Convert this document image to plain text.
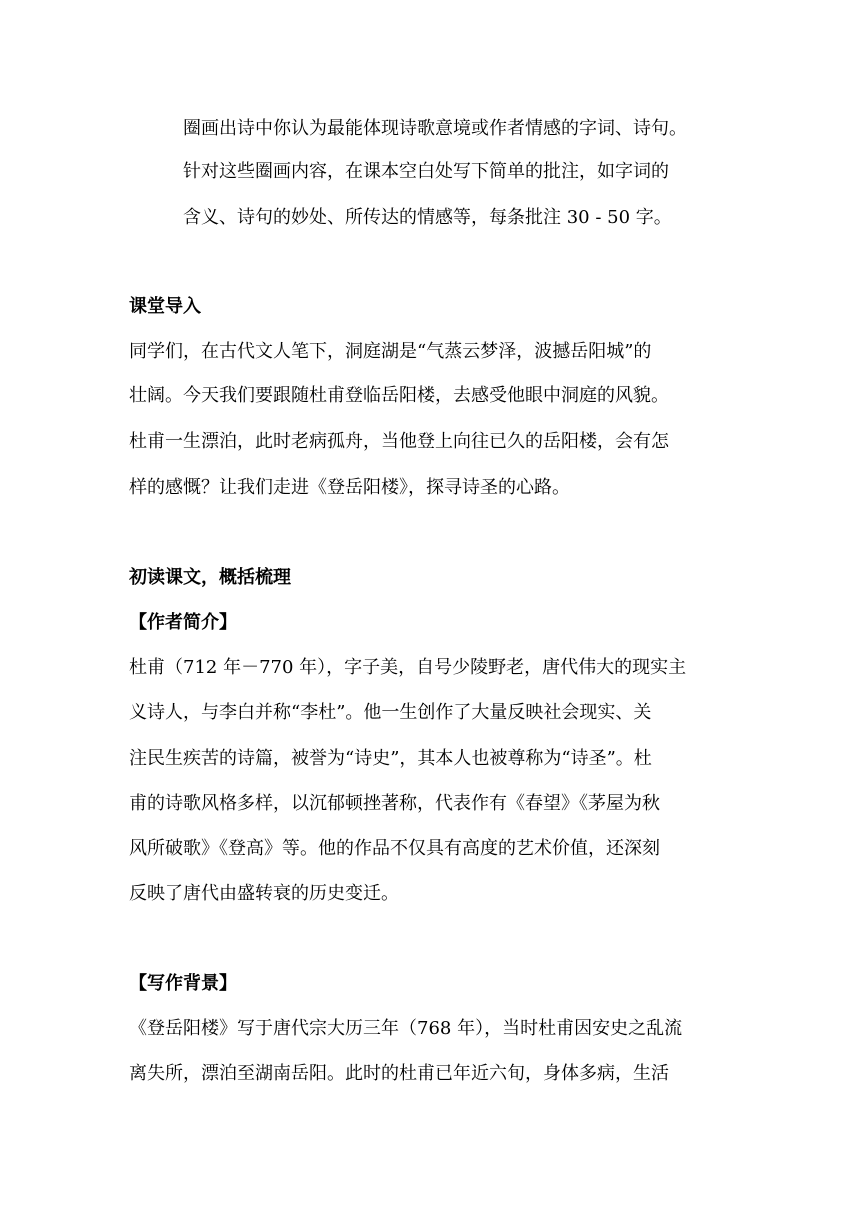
圈画出诗中你认为最能体现诗歌意境或作者情感的字词、诗句。
针对这些圈画内容，在课本空白处写下简单的批注，如字词的
含义、诗句的妙处、所传达的情感等，每条批注 30 - 50 字。
课堂导入
同学们，在古代文人笔下，洞庭湖是“气蒸云梦泽，波撼岳阳城”的
壮阔。今天我们要跟随杜甫登临岳阳楼，去感受他眼中洞庭的风貌。
杜甫一生漂泊，此时老病孤舟，当他登上向往已久的岳阳楼，会有怎
样的感慨？让我们走进《登岳阳楼》，探寻诗圣的心路。
初读课文，概括梳理
【作者简介】
杜甫（712 年－770 年），字子美，自号少陵野老，唐代伟大的现实主
义诗人，与李白并称“李杜”。他一生创作了大量反映社会现实、关
注民生疾苦的诗篇，被誉为“诗史”，其本人也被尊称为“诗圣”。杜
甫的诗歌风格多样，以沉郁顿挫著称，代表作有《春望》《茅屋为秋
风所破歌》《登高》等。他的作品不仅具有高度的艺术价值，还深刻
反映了唐代由盛转衰的历史变迁。
【写作背景】
《登岳阳楼》写于唐代宗大历三年（768 年），当时杜甫因安史之乱流
离失所，漂泊至湖南岳阳。此时的杜甫已年近六旬，身体多病，生活
